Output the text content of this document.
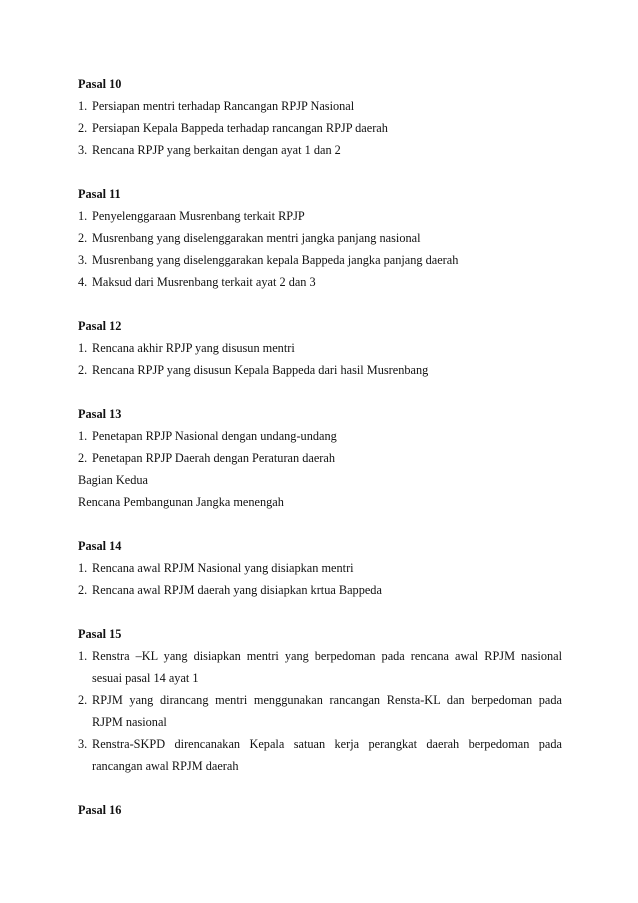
Pasal 10
1. Persiapan mentri terhadap Rancangan RPJP Nasional
2. Persiapan Kepala Bappeda terhadap rancangan RPJP daerah
3. Rencana RPJP yang berkaitan dengan ayat 1 dan 2
Pasal 11
1. Penyelenggaraan Musrenbang terkait RPJP
2. Musrenbang yang diselenggarakan mentri jangka panjang nasional
3. Musrenbang yang diselenggarakan kepala Bappeda jangka panjang daerah
4. Maksud dari Musrenbang terkait ayat 2 dan 3
Pasal 12
1. Rencana akhir RPJP yang disusun mentri
2. Rencana RPJP yang disusun Kepala Bappeda dari hasil Musrenbang
Pasal 13
1. Penetapan RPJP Nasional dengan undang-undang
2. Penetapan RPJP Daerah dengan Peraturan daerah
Bagian Kedua
Rencana Pembangunan Jangka menengah
Pasal 14
1. Rencana awal RPJM Nasional yang disiapkan mentri
2. Rencana awal RPJM daerah yang disiapkan krtua Bappeda
Pasal 15
1. Renstra –KL yang disiapkan mentri yang berpedoman pada rencana awal RPJM nasional sesuai pasal 14 ayat 1
2. RPJM yang dirancang mentri menggunakan rancangan Rensta-KL dan berpedoman pada RJPM nasional
3. Renstra-SKPD direncanakan Kepala satuan kerja perangkat daerah berpedoman pada rancangan awal RPJM daerah
Pasal 16
